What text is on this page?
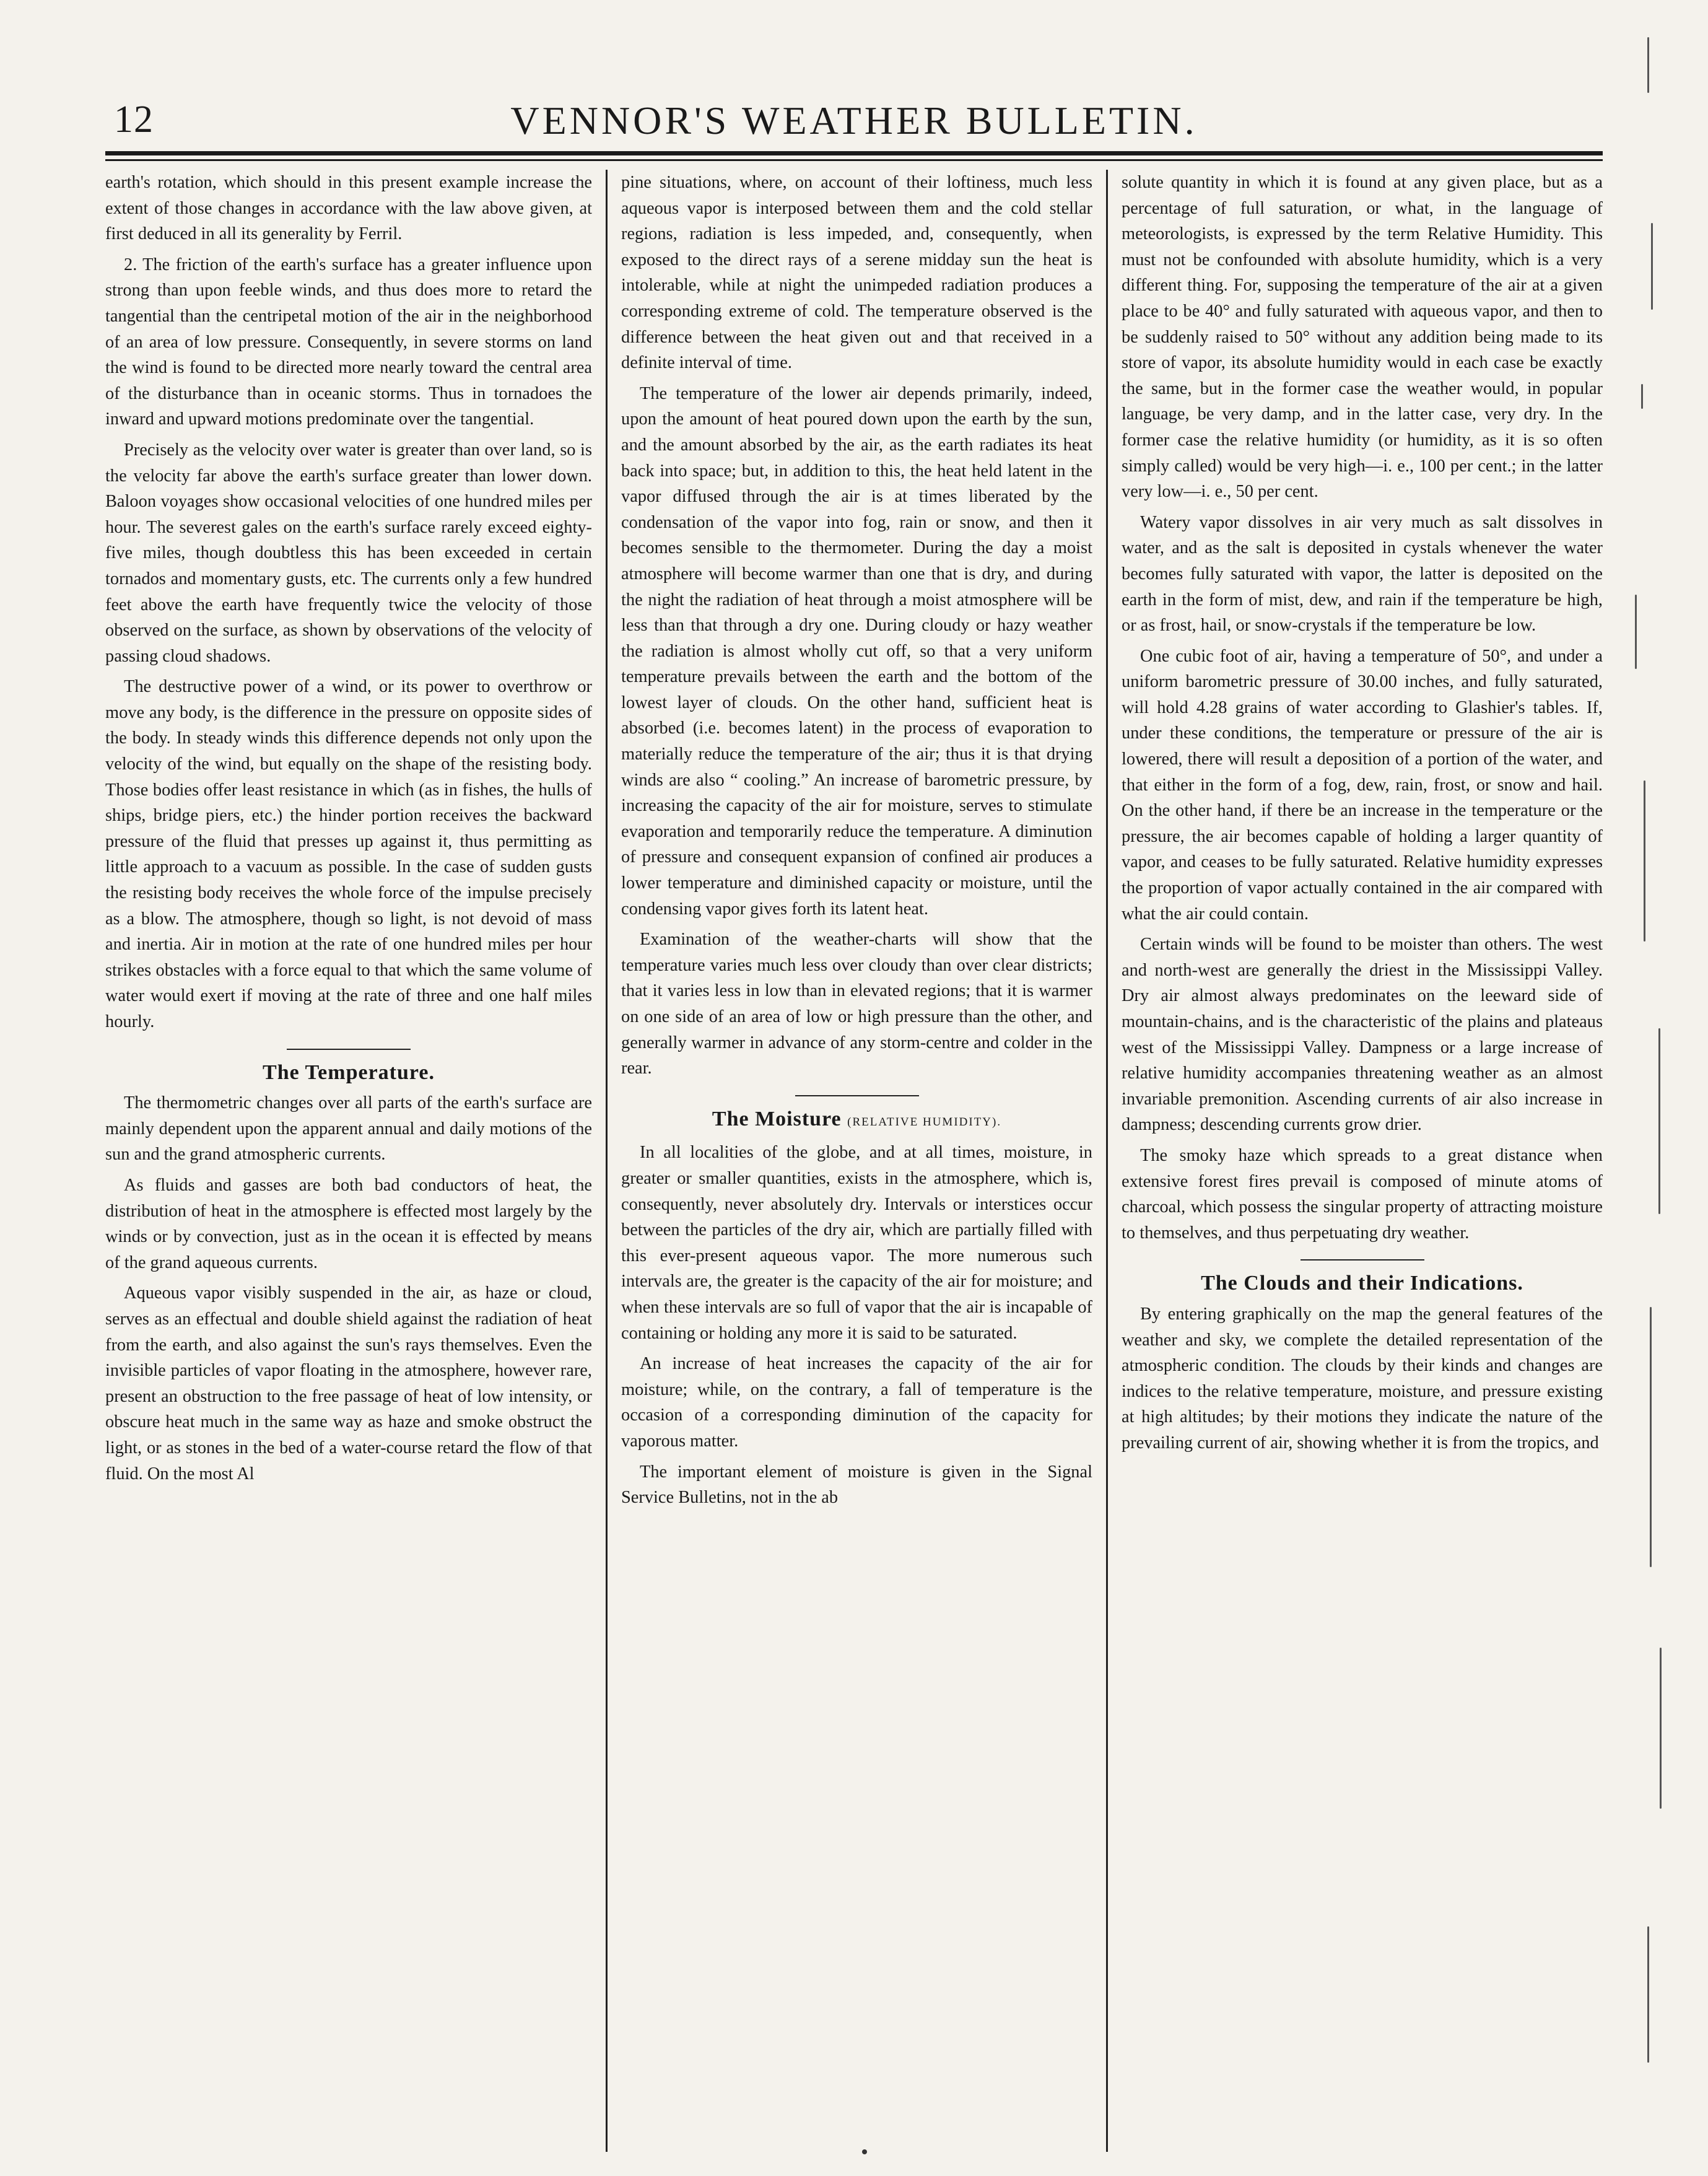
12	VENNOR'S WEATHER BULLETIN.

earth's rotation, which should in this present example increase the extent of those changes in accordance with the law above given, at first deduced in all its generality by Ferril.

2. The friction of the earth's surface has a greater influence upon strong than upon feeble winds, and thus does more to retard the tangential than the centripetal motion of the air in the neighborhood of an area of low pressure. Consequently, in severe storms on land the wind is found to be directed more nearly toward the central area of the disturbance than in oceanic storms. Thus in tornadoes the inward and upward motions predominate over the tangential.

Precisely as the velocity over water is greater than over land, so is the velocity far above the earth's surface greater than lower down. Baloon voyages show occasional velocities of one hundred miles per hour. The severest gales on the earth's surface rarely exceed eighty-five miles, though doubtless this has been exceeded in certain tornados and momentary gusts, etc. The currents only a few hundred feet above the earth have frequently twice the velocity of those observed on the surface, as shown by observations of the velocity of passing cloud shadows.

The destructive power of a wind, or its power to overthrow or move any body, is the difference in the pressure on opposite sides of the body. In steady winds this difference depends not only upon the velocity of the wind, but equally on the shape of the resisting body. Those bodies offer least resistance in which (as in fishes, the hulls of ships, bridge piers, etc.) the hinder portion receives the backward pressure of the fluid that presses up against it, thus permitting as little approach to a vacuum as possible. In the case of sudden gusts the resisting body receives the whole force of the impulse precisely as a blow. The atmosphere, though so light, is not devoid of mass and inertia. Air in motion at the rate of one hundred miles per hour strikes obstacles with a force equal to that which the same volume of water would exert if moving at the rate of three and one half miles hourly.

The Temperature.

The thermometric changes over all parts of the earth's surface are mainly dependent upon the apparent annual and daily motions of the sun and the grand atmospheric currents.

As fluids and gasses are both bad conductors of heat, the distribution of heat in the atmosphere is effected most largely by the winds or by convection, just as in the ocean it is effected by means of the grand aqueous currents.

Aqueous vapor visibly suspended in the air, as haze or cloud, serves as an effectual and double shield against the radiation of heat from the earth, and also against the sun's rays themselves. Even the invisible particles of vapor floating in the atmosphere, however rare, present an obstruction to the free passage of heat of low intensity, or obscure heat much in the same way as haze and smoke obstruct the light, or as stones in the bed of a water-course retard the flow of that fluid. On the most Al

pine situations, where, on account of their loftiness, much less aqueous vapor is interposed between them and the cold stellar regions, radiation is less impeded, and, consequently, when exposed to the direct rays of a serene midday sun the heat is intolerable, while at night the unimpeded radiation produces a corresponding extreme of cold. The temperature observed is the difference between the heat given out and that received in a definite interval of time.

The temperature of the lower air depends primarily, indeed, upon the amount of heat poured down upon the earth by the sun, and the amount absorbed by the air, as the earth radiates its heat back into space; but, in addition to this, the heat held latent in the vapor diffused through the air is at times liberated by the condensation of the vapor into fog, rain or snow, and then it becomes sensible to the thermometer. During the day a moist atmosphere will become warmer than one that is dry, and during the night the radiation of heat through a moist atmosphere will be less than that through a dry one. During cloudy or hazy weather the radiation is almost wholly cut off, so that a very uniform temperature prevails between the earth and the bottom of the lowest layer of clouds. On the other hand, sufficient heat is absorbed (i.e. becomes latent) in the process of evaporation to materially reduce the temperature of the air; thus it is that drying winds are also “ cooling.” An increase of barometric pressure, by increasing the capacity of the air for moisture, serves to stimulate evaporation and temporarily reduce the temperature. A diminution of pressure and consequent expansion of confined air produces a lower temperature and diminished capacity or moisture, until the condensing vapor gives forth its latent heat.

Examination of the weather-charts will show that the temperature varies much less over cloudy than over clear districts; that it varies less in low than in elevated regions; that it is warmer on one side of an area of low or high pressure than the other, and generally warmer in advance of any storm-centre and colder in the rear.

The Moisture (RELATIVE HUMIDITY).

In all localities of the globe, and at all times, moisture, in greater or smaller quantities, exists in the atmosphere, which is, consequently, never absolutely dry. Intervals or interstices occur between the particles of the dry air, which are partially filled with this ever-present aqueous vapor. The more numerous such intervals are, the greater is the capacity of the air for moisture; and when these intervals are so full of vapor that the air is incapable of containing or holding any more it is said to be saturated.

An increase of heat increases the capacity of the air for moisture; while, on the contrary, a fall of temperature is the occasion of a corresponding diminution of the capacity for vaporous matter.

The important element of moisture is given in the Signal Service Bulletins, not in the ab

solute quantity in which it is found at any given place, but as a percentage of full saturation, or what, in the language of meteorologists, is expressed by the term Relative Humidity. This must not be confounded with absolute humidity, which is a very different thing. For, supposing the temperature of the air at a given place to be 40° and fully saturated with aqueous vapor, and then to be suddenly raised to 50° without any addition being made to its store of vapor, its absolute humidity would in each case be exactly the same, but in the former case the weather would, in popular language, be very damp, and in the latter case, very dry. In the former case the relative humidity (or humidity, as it is so often simply called) would be very high—i. e., 100 per cent.; in the latter very low—i. e., 50 per cent.

Watery vapor dissolves in air very much as salt dissolves in water, and as the salt is deposited in cystals whenever the water becomes fully saturated with vapor, the latter is deposited on the earth in the form of mist, dew, and rain if the temperature be high, or as frost, hail, or snow-crystals if the temperature be low.

One cubic foot of air, having a temperature of 50°, and under a uniform barometric pressure of 30.00 inches, and fully saturated, will hold 4.28 grains of water according to Glashier's tables. If, under these conditions, the temperature or pressure of the air is lowered, there will result a deposition of a portion of the water, and that either in the form of a fog, dew, rain, frost, or snow and hail. On the other hand, if there be an increase in the temperature or the pressure, the air becomes capable of holding a larger quantity of vapor, and ceases to be fully saturated. Relative humidity expresses the proportion of vapor actually contained in the air compared with what the air could contain.

Certain winds will be found to be moister than others. The west and north-west are generally the driest in the Mississippi Valley. Dry air almost always predominates on the leeward side of mountain-chains, and is the characteristic of the plains and plateaus west of the Mississippi Valley. Dampness or a large increase of relative humidity accompanies threatening weather as an almost invariable premonition. Ascending currents of air also increase in dampness; descending currents grow drier.

The smoky haze which spreads to a great distance when extensive forest fires prevail is composed of minute atoms of charcoal, which possess the singular property of attracting moisture to themselves, and thus perpetuating dry weather.

The Clouds and their Indications.

By entering graphically on the map the general features of the weather and sky, we complete the detailed representation of the atmospheric condition. The clouds by their kinds and changes are indices to the relative temperature, moisture, and pressure existing at high altitudes; by their motions they indicate the nature of the prevailing current of air, showing whether it is from the tropics, and
